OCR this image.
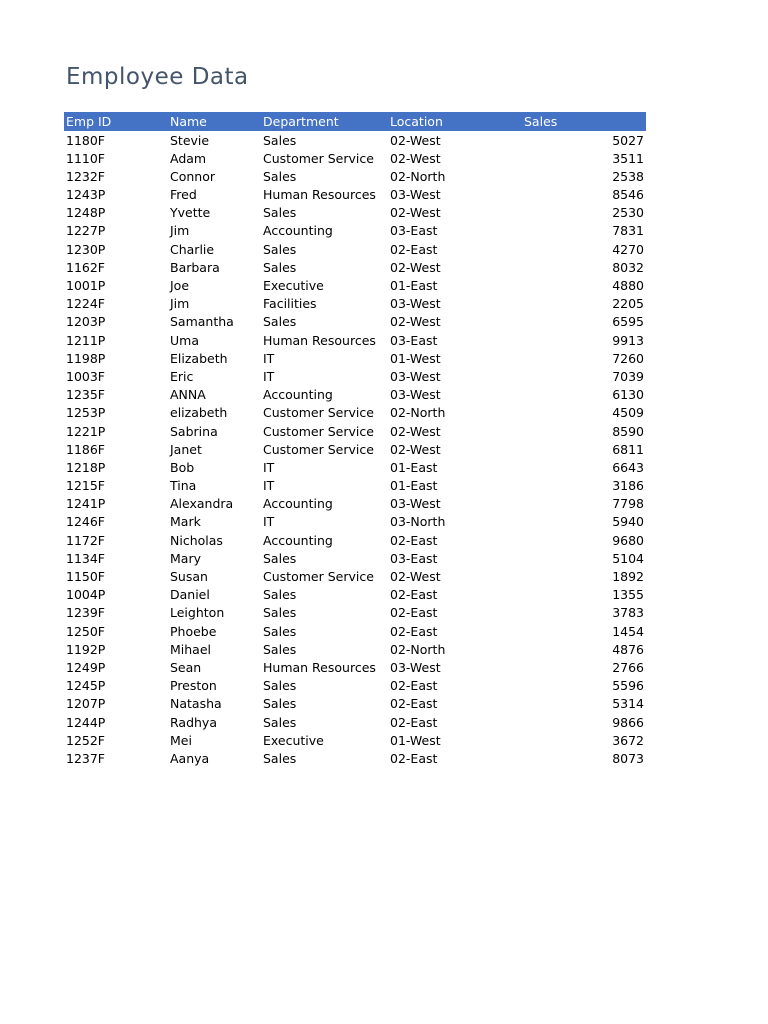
Employee Data
Emp ID	Name	Department	Location	Sales
1180F	Stevie	Sales	02-West	5027
1110F	Adam	Customer Service	02-West	3511
1232F	Connor	Sales	02-North	2538
1243P	Fred	Human Resources	03-West	8546
1248P	Yvette	Sales	02-West	2530
1227P	Jim	Accounting	03-East	7831
1230P	Charlie	Sales	02-East	4270
1162F	Barbara	Sales	02-West	8032
1001P	Joe	Executive	01-East	4880
1224F	Jim	Facilities	03-West	2205
1203P	Samantha	Sales	02-West	6595
1211P	Uma	Human Resources	03-East	9913
1198P	Elizabeth	IT	01-West	7260
1003F	Eric	IT	03-West	7039
1235F	ANNA	Accounting	03-West	6130
1253P	elizabeth	Customer Service	02-North	4509
1221P	Sabrina	Customer Service	02-West	8590
1186F	Janet	Customer Service	02-West	6811
1218P	Bob	IT	01-East	6643
1215F	Tina	IT	01-East	3186
1241P	Alexandra	Accounting	03-West	7798
1246F	Mark	IT	03-North	5940
1172F	Nicholas	Accounting	02-East	9680
1134F	Mary	Sales	03-East	5104
1150F	Susan	Customer Service	02-West	1892
1004P	Daniel	Sales	02-East	1355
1239F	Leighton	Sales	02-East	3783
1250F	Phoebe	Sales	02-East	1454
1192P	Mihael	Sales	02-North	4876
1249P	Sean	Human Resources	03-West	2766
1245P	Preston	Sales	02-East	5596
1207P	Natasha	Sales	02-East	5314
1244P	Radhya	Sales	02-East	9866
1252F	Mei	Executive	01-West	3672
1237F	Aanya	Sales	02-East	8073
